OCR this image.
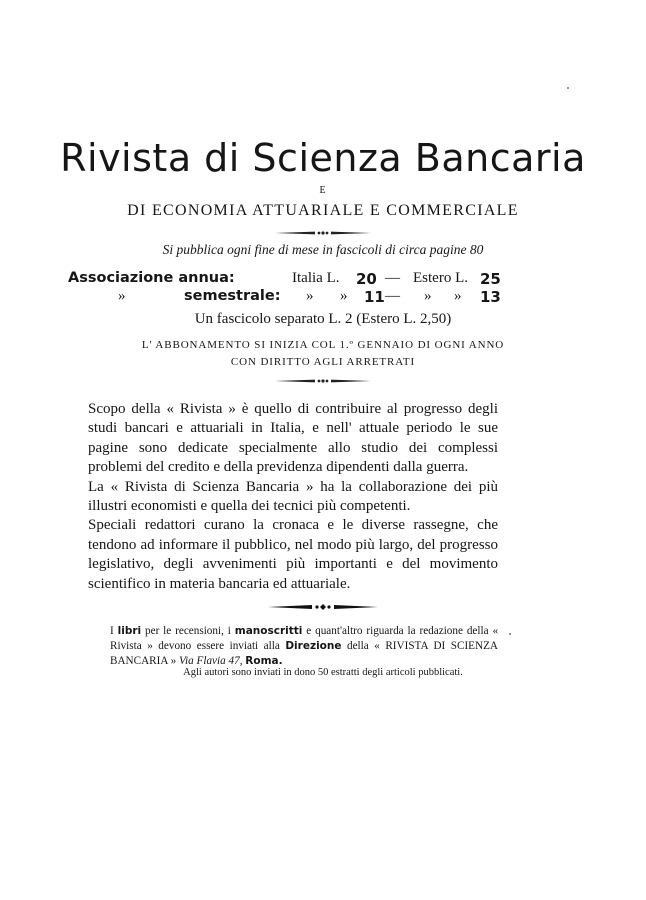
Rivista di Scienza Bancaria
E
DI ECONOMIA ATTUARIALE E COMMERCIALE
Si pubblica ogni fine di mese in fascicoli di circa pagine 80
Associazione annua:	Italia L. 20 — Estero L. 25
»	semestrale: » » 11 — » » 13
Un fascicolo separato L. 2 (Estero L. 2,50)
L' ABBONAMENTO SI INIZIA COL 1.º GENNAIO DI OGNI ANNO
CON DIRITTO AGLI ARRETRATI

Scopo della « Rivista » è quello di contribuire al progresso degli studi bancari e attuariali in Italia, e nell' attuale periodo le sue pagine sono dedicate specialmente allo studio dei complessi problemi del credito e della previdenza dipendenti dalla guerra.

La « Rivista di Scienza Bancaria » ha la collaborazione dei più illustri economisti e quella dei tecnici più competenti.

Speciali redattori curano la cronaca e le diverse rassegne, che tendono ad informare il pubblico, nel modo più largo, del progresso legislativo, degli avvenimenti più importanti e del movimento scientifico in materia bancaria ed attuariale.

I libri per le recensioni, i manoscritti e quant'altro riguarda la redazione della « Rivista » devono essere inviati alla Direzione della « RIVISTA DI SCIENZA BANCARIA » Via Flavia 47, Roma.
Agli autori sono inviati in dono 50 estratti degli articoli pubblicati.
